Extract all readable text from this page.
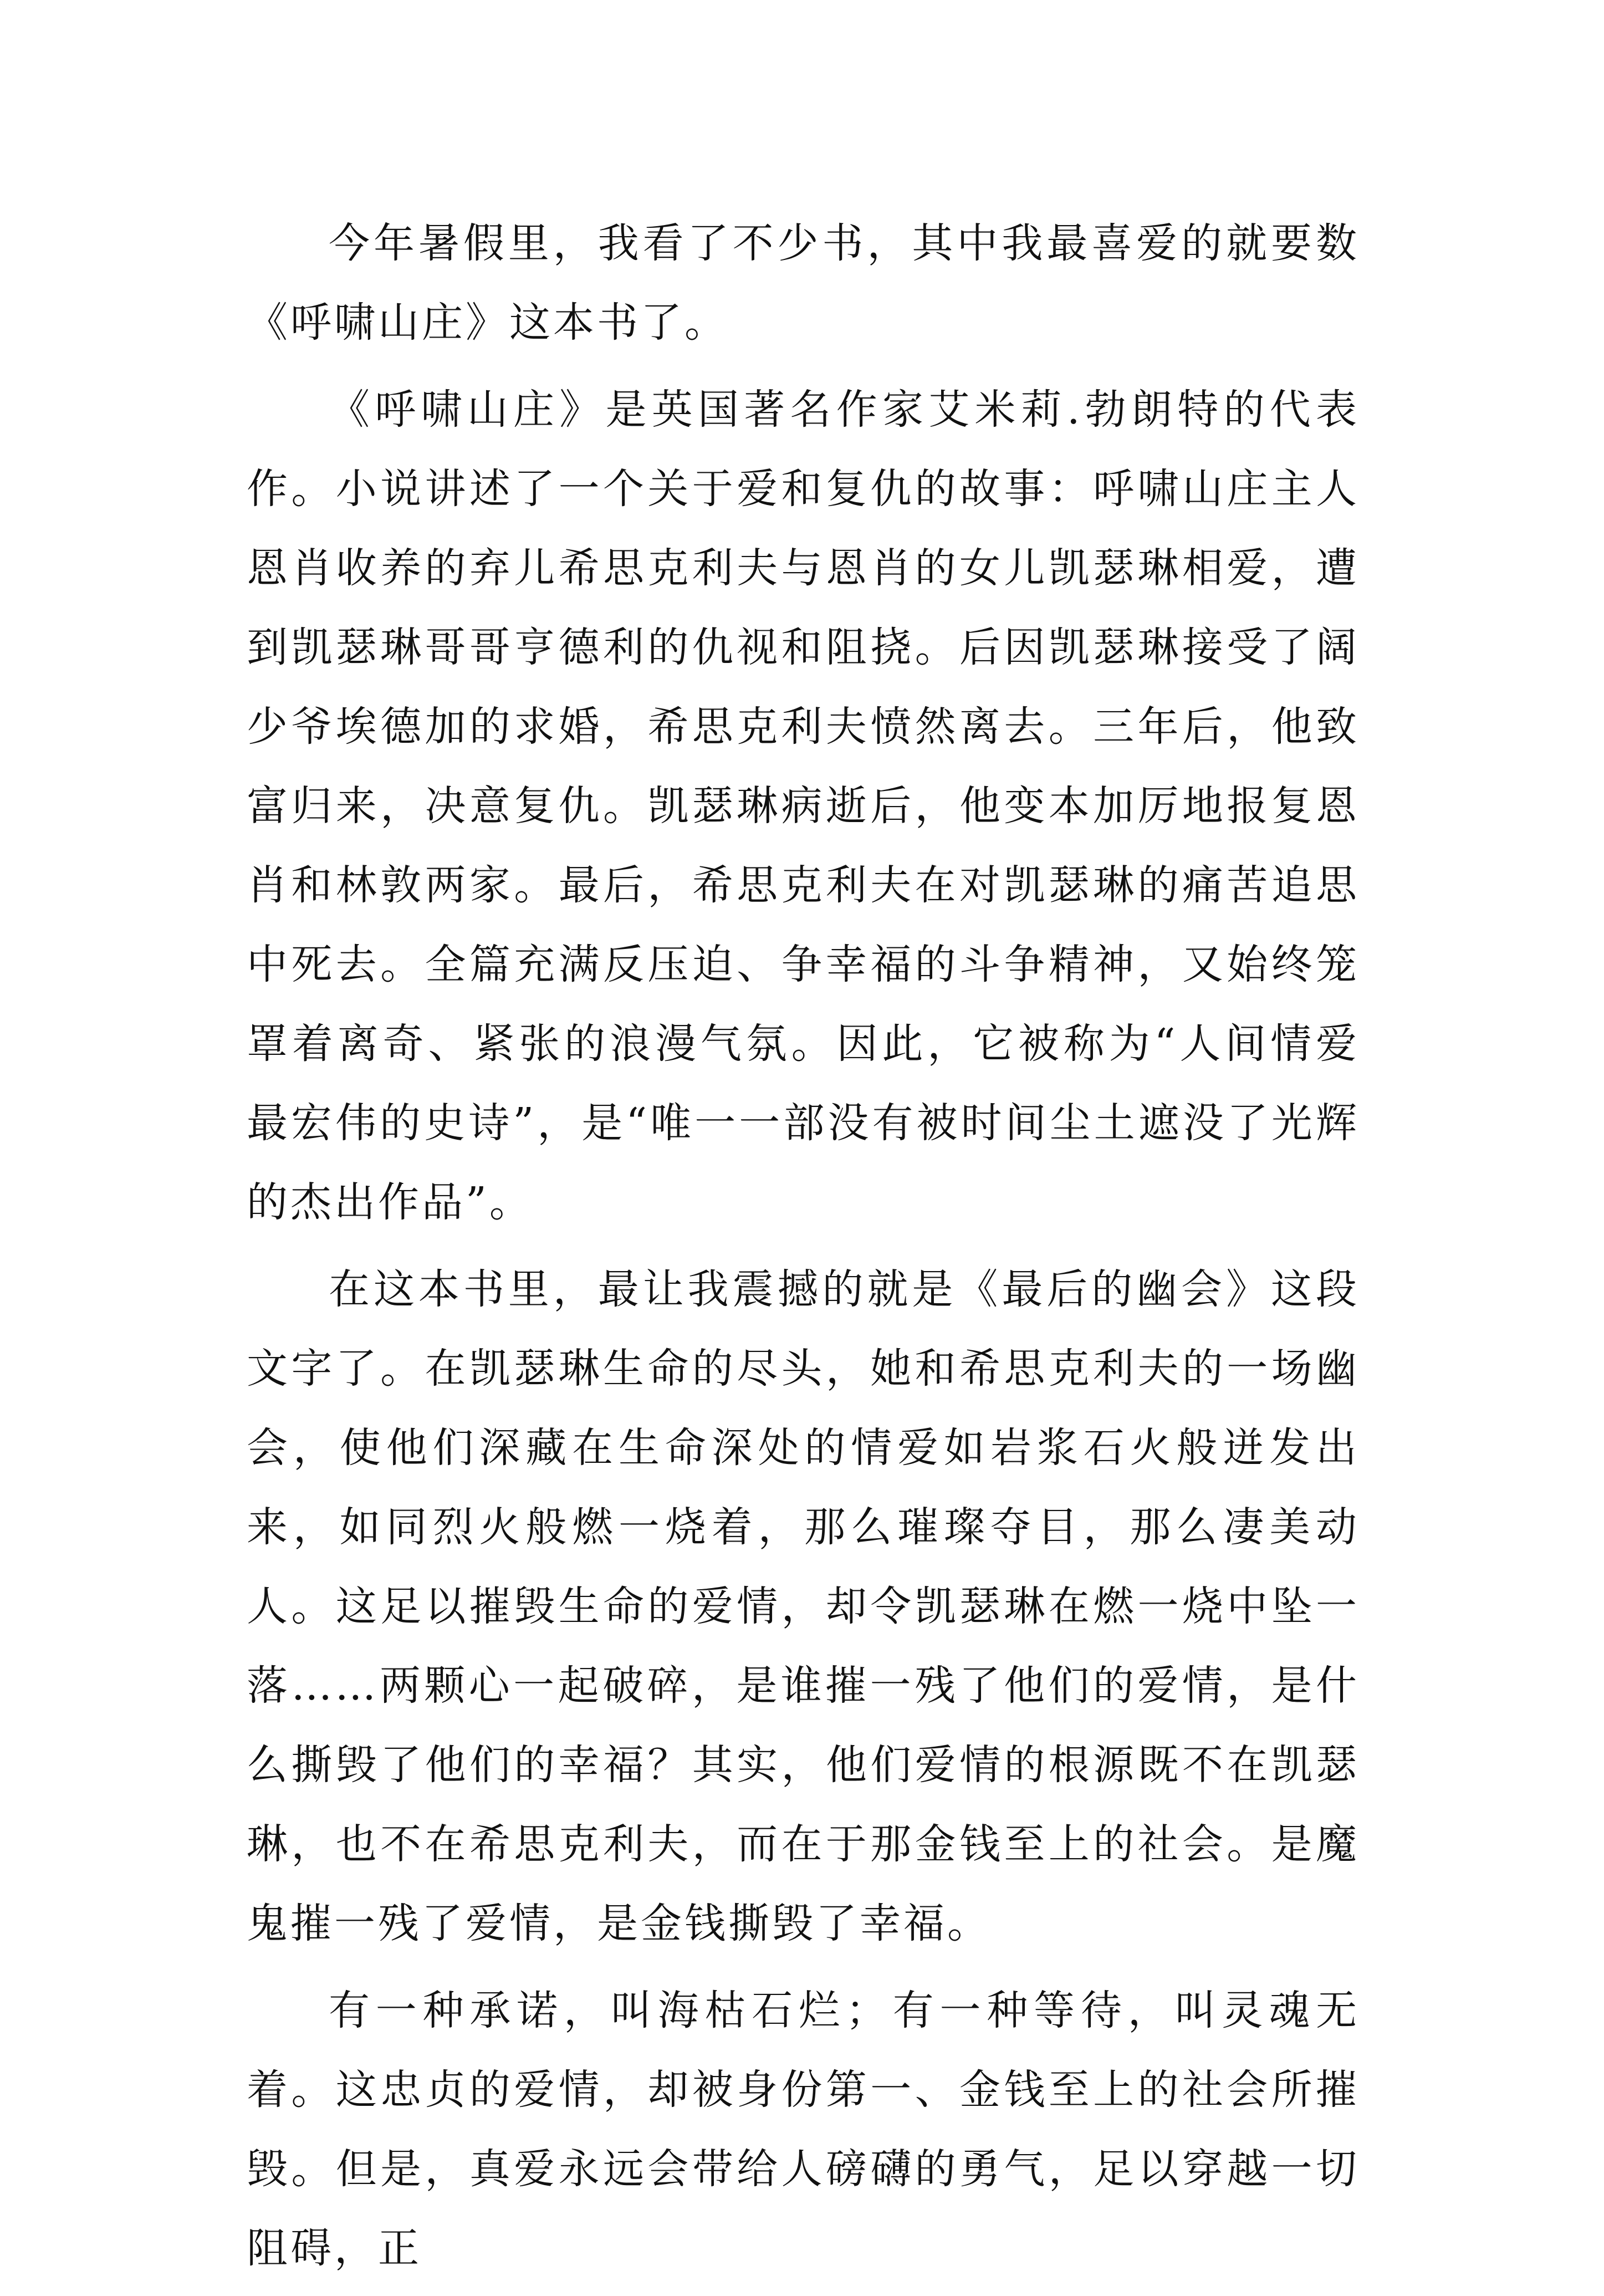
今年暑假里，我看了不少书，其中我最喜爱的就要数《呼啸山庄》这本书了。

《呼啸山庄》是英国著名作家艾米莉.勃朗特的代表作。小说讲述了一个关于爱和复仇的故事：呼啸山庄主人恩肖收养的弃儿希思克利夫与恩肖的女儿凯瑟琳相爱，遭到凯瑟琳哥哥亨德利的仇视和阻挠。后因凯瑟琳接受了阔少爷埃德加的求婚，希思克利夫愤然离去。三年后，他致富归来，决意复仇。凯瑟琳病逝后，他变本加厉地报复恩肖和林敦两家。最后，希思克利夫在对凯瑟琳的痛苦追思中死去。全篇充满反压迫、争幸福的斗争精神，又始终笼罩着离奇、紧张的浪漫气氛。因此，它被称为“人间情爱最宏伟的史诗”，是“唯一一部没有被时间尘土遮没了光辉的杰出作品”。

在这本书里，最让我震撼的就是《最后的幽会》这段文字了。在凯瑟琳生命的尽头，她和希思克利夫的一场幽会，使他们深藏在生命深处的情爱如岩浆石火般迸发出来，如同烈火般燃一烧着，那么璀璨夺目，那么凄美动人。这足以摧毁生命的爱情，却令凯瑟琳在燃一烧中坠一落……两颗心一起破碎，是谁摧一残了他们的爱情，是什么撕毁了他们的幸福？其实，他们爱情的根源既不在凯瑟琳，也不在希思克利夫，而在于那金钱至上的社会。是魔鬼摧一残了爱情，是金钱撕毁了幸福。

有一种承诺，叫海枯石烂；有一种等待，叫灵魂无着。这忠贞的爱情，却被身份第一、金钱至上的社会所摧毁。但是，真爱永远会带给人磅礴的勇气，足以穿越一切阻碍，正
